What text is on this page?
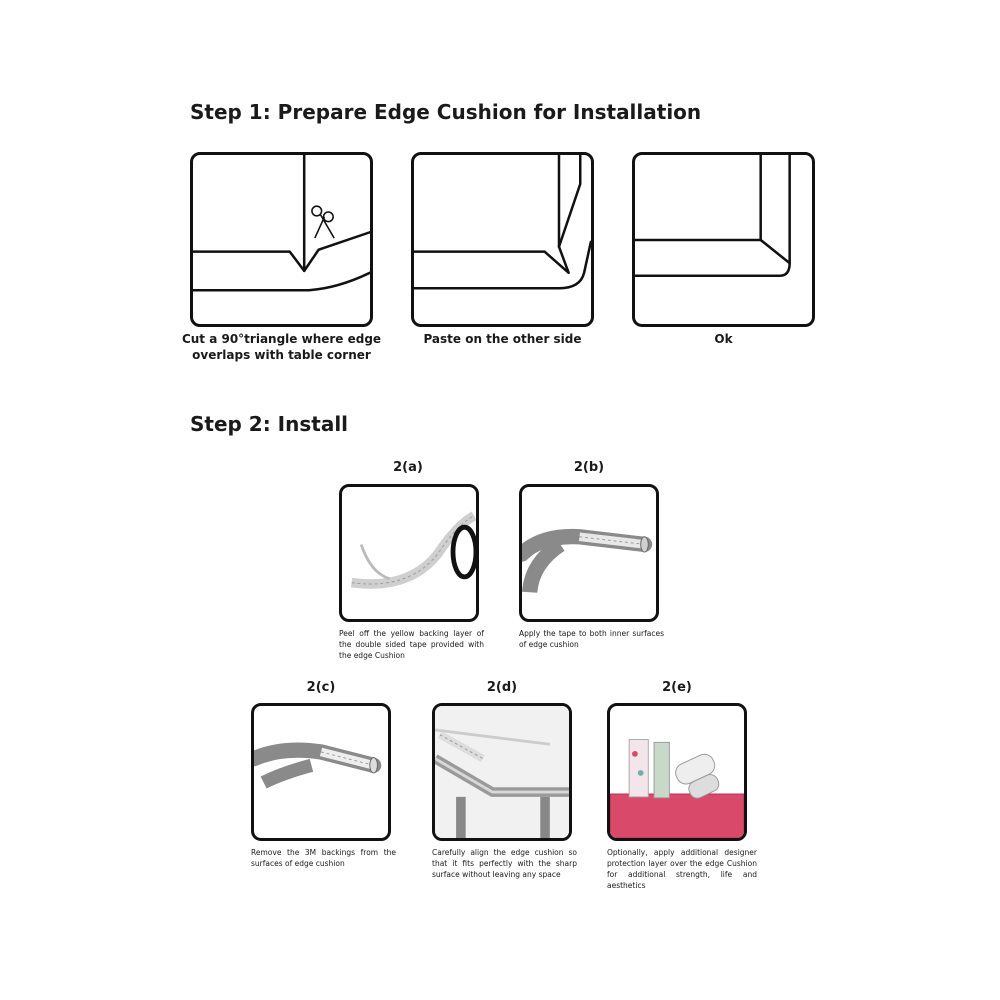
Step 1: Prepare Edge Cushion for Installation
Cut a 90°triangle where edge
overlaps with table corner
Paste on the other side	Ok
Step 2: Install
2(a)
Peel off the yellow backing layer of the double sided tape provided with the edge Cushion
2(b)
Apply the tape to both inner surfaces of edge cushion
2(c)
Remove the 3M backings from the surfaces of edge cushion
2(d)
Carefully align the edge cushion so that it fits perfectly with the sharp surface without leaving any space
2(e)
Optionally, apply additional designer protection layer over the edge Cushion for additional strength, life and aesthetics
